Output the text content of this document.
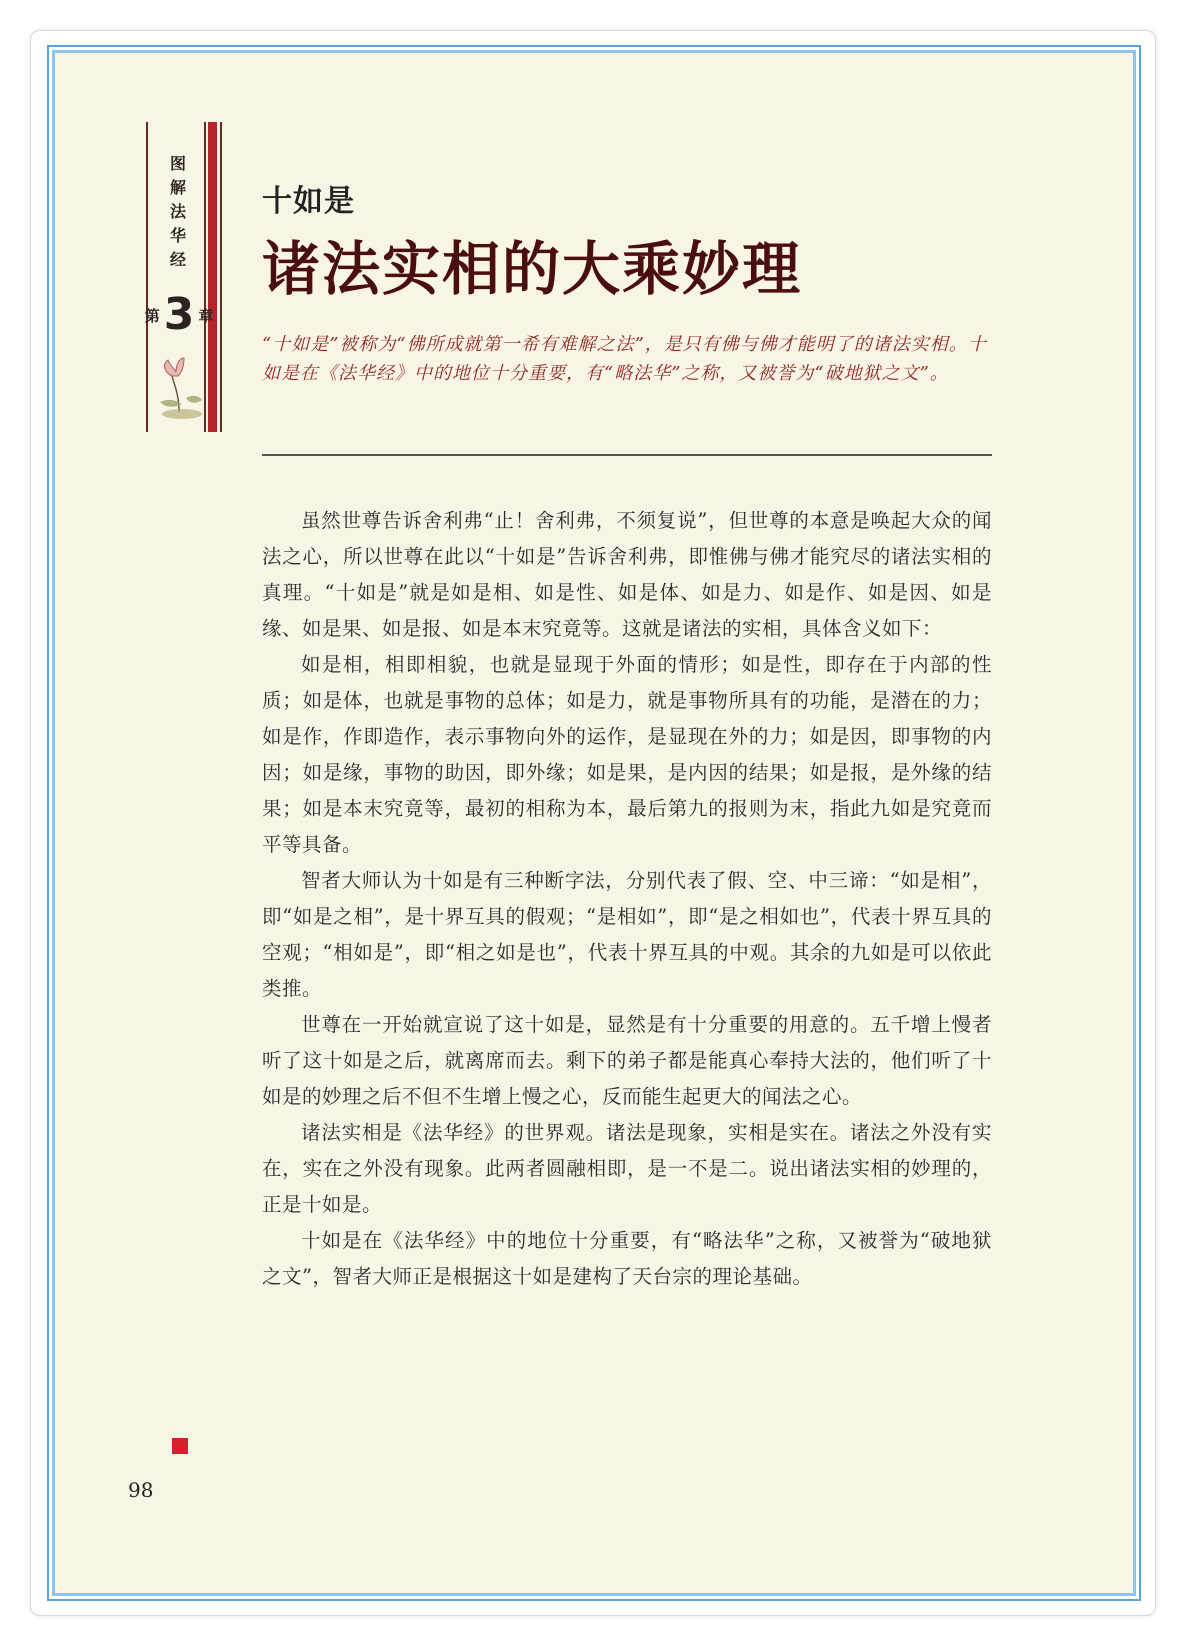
图解法华经
第 3 章
十如是
诸法实相的大乘妙理
“十如是”被称为“佛所成就第一希有难解之法”，是只有佛与佛才能明了的诸法实相。十如是在《法华经》中的地位十分重要，有“略法华”之称，又被誉为“破地狱之文”。

虽然世尊告诉舍利弗“止！舍利弗，不须复说”，但世尊的本意是唤起大众的闻法之心，所以世尊在此以“十如是”告诉舍利弗，即惟佛与佛才能究尽的诸法实相的真理。“十如是”就是如是相、如是性、如是体、如是力、如是作、如是因、如是缘、如是果、如是报、如是本末究竟等。这就是诸法的实相，具体含义如下：

如是相，相即相貌，也就是显现于外面的情形；如是性，即存在于内部的性质；如是体，也就是事物的总体；如是力，就是事物所具有的功能，是潜在的力；如是作，作即造作，表示事物向外的运作，是显现在外的力；如是因，即事物的内因；如是缘，事物的助因，即外缘；如是果，是内因的结果；如是报，是外缘的结果；如是本末究竟等，最初的相称为本，最后第九的报则为末，指此九如是究竟而平等具备。

智者大师认为十如是有三种断字法，分别代表了假、空、中三谛：“如是相”，即“如是之相”，是十界互具的假观；“是相如”，即“是之相如也”，代表十界互具的空观；“相如是”，即“相之如是也”，代表十界互具的中观。其余的九如是可以依此类推。

世尊在一开始就宣说了这十如是，显然是有十分重要的用意的。五千增上慢者听了这十如是之后，就离席而去。剩下的弟子都是能真心奉持大法的，他们听了十如是的妙理之后不但不生增上慢之心，反而能生起更大的闻法之心。

诸法实相是《法华经》的世界观。诸法是现象，实相是实在。诸法之外没有实在，实在之外没有现象。此两者圆融相即，是一不是二。说出诸法实相的妙理的，正是十如是。

十如是在《法华经》中的地位十分重要，有“略法华”之称，又被誉为“破地狱之文”，智者大师正是根据这十如是建构了天台宗的理论基础。

98
